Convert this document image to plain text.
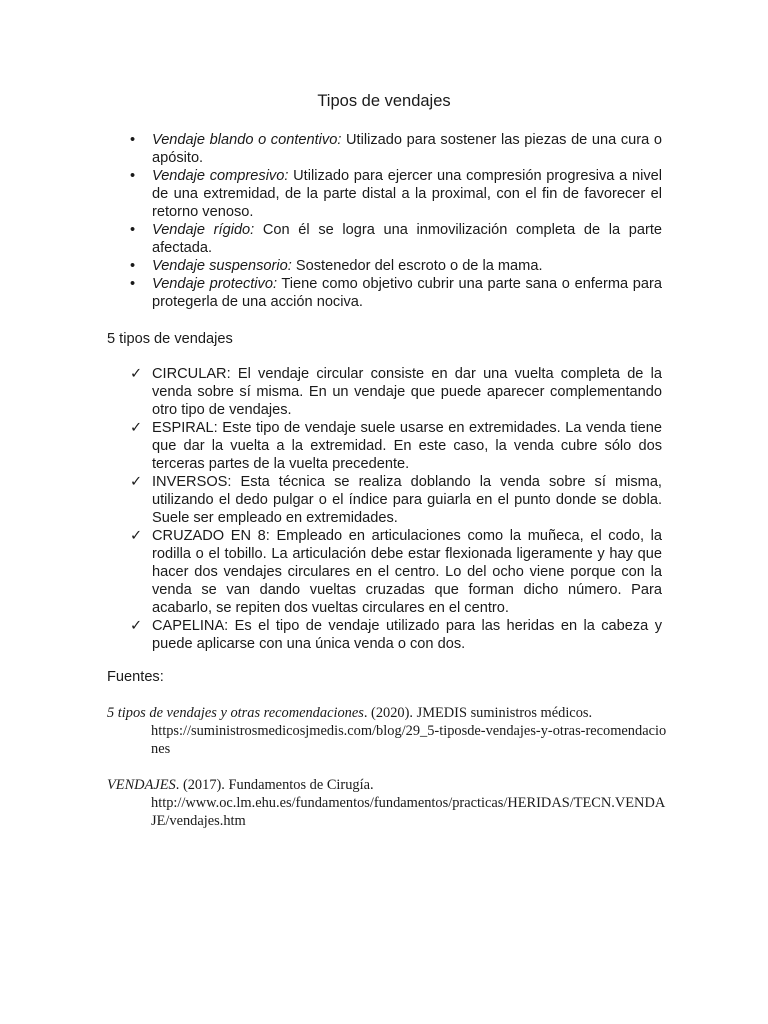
Tipos de vendajes
• Vendaje blando o contentivo: Utilizado para sostener las piezas de una cura o apósito.
• Vendaje compresivo: Utilizado para ejercer una compresión progresiva a nivel de una extremidad, de la parte distal a la proximal, con el fin de favorecer el retorno venoso.
• Vendaje rígido: Con él se logra una inmovilización completa de la parte afectada.
• Vendaje suspensorio: Sostenedor del escroto o de la mama.
• Vendaje protectivo: Tiene como objetivo cubrir una parte sana o enferma para protegerla de una acción nociva.
5 tipos de vendajes
✓ CIRCULAR: El vendaje circular consiste en dar una vuelta completa de la venda sobre sí misma. En un vendaje que puede aparecer complementando otro tipo de vendajes.
✓ ESPIRAL: Este tipo de vendaje suele usarse en extremidades. La venda tiene que dar la vuelta a la extremidad. En este caso, la venda cubre sólo dos terceras partes de la vuelta precedente.
✓ INVERSOS: Esta técnica se realiza doblando la venda sobre sí misma, utilizando el dedo pulgar o el índice para guiarla en el punto donde se dobla. Suele ser empleado en extremidades.
✓ CRUZADO EN 8: Empleado en articulaciones como la muñeca, el codo, la rodilla o el tobillo. La articulación debe estar flexionada ligeramente y hay que hacer dos vendajes circulares en el centro. Lo del ocho viene porque con la venda se van dando vueltas cruzadas que forman dicho número. Para acabarlo, se repiten dos vueltas circulares en el centro.
✓ CAPELINA: Es el tipo de vendaje utilizado para las heridas en la cabeza y puede aplicarse con una única venda o con dos.
Fuentes:
5 tipos de vendajes y otras recomendaciones. (2020). JMEDIS suministros médicos.
https://suministrosmedicosjmedis.com/blog/29_5-tiposde-vendajes-y-otras-recomendaciones
VENDAJES. (2017). Fundamentos de Cirugía.
http://www.oc.lm.ehu.es/fundamentos/fundamentos/practicas/HERIDAS/TECN.VENDAJE/vendajes.htm
